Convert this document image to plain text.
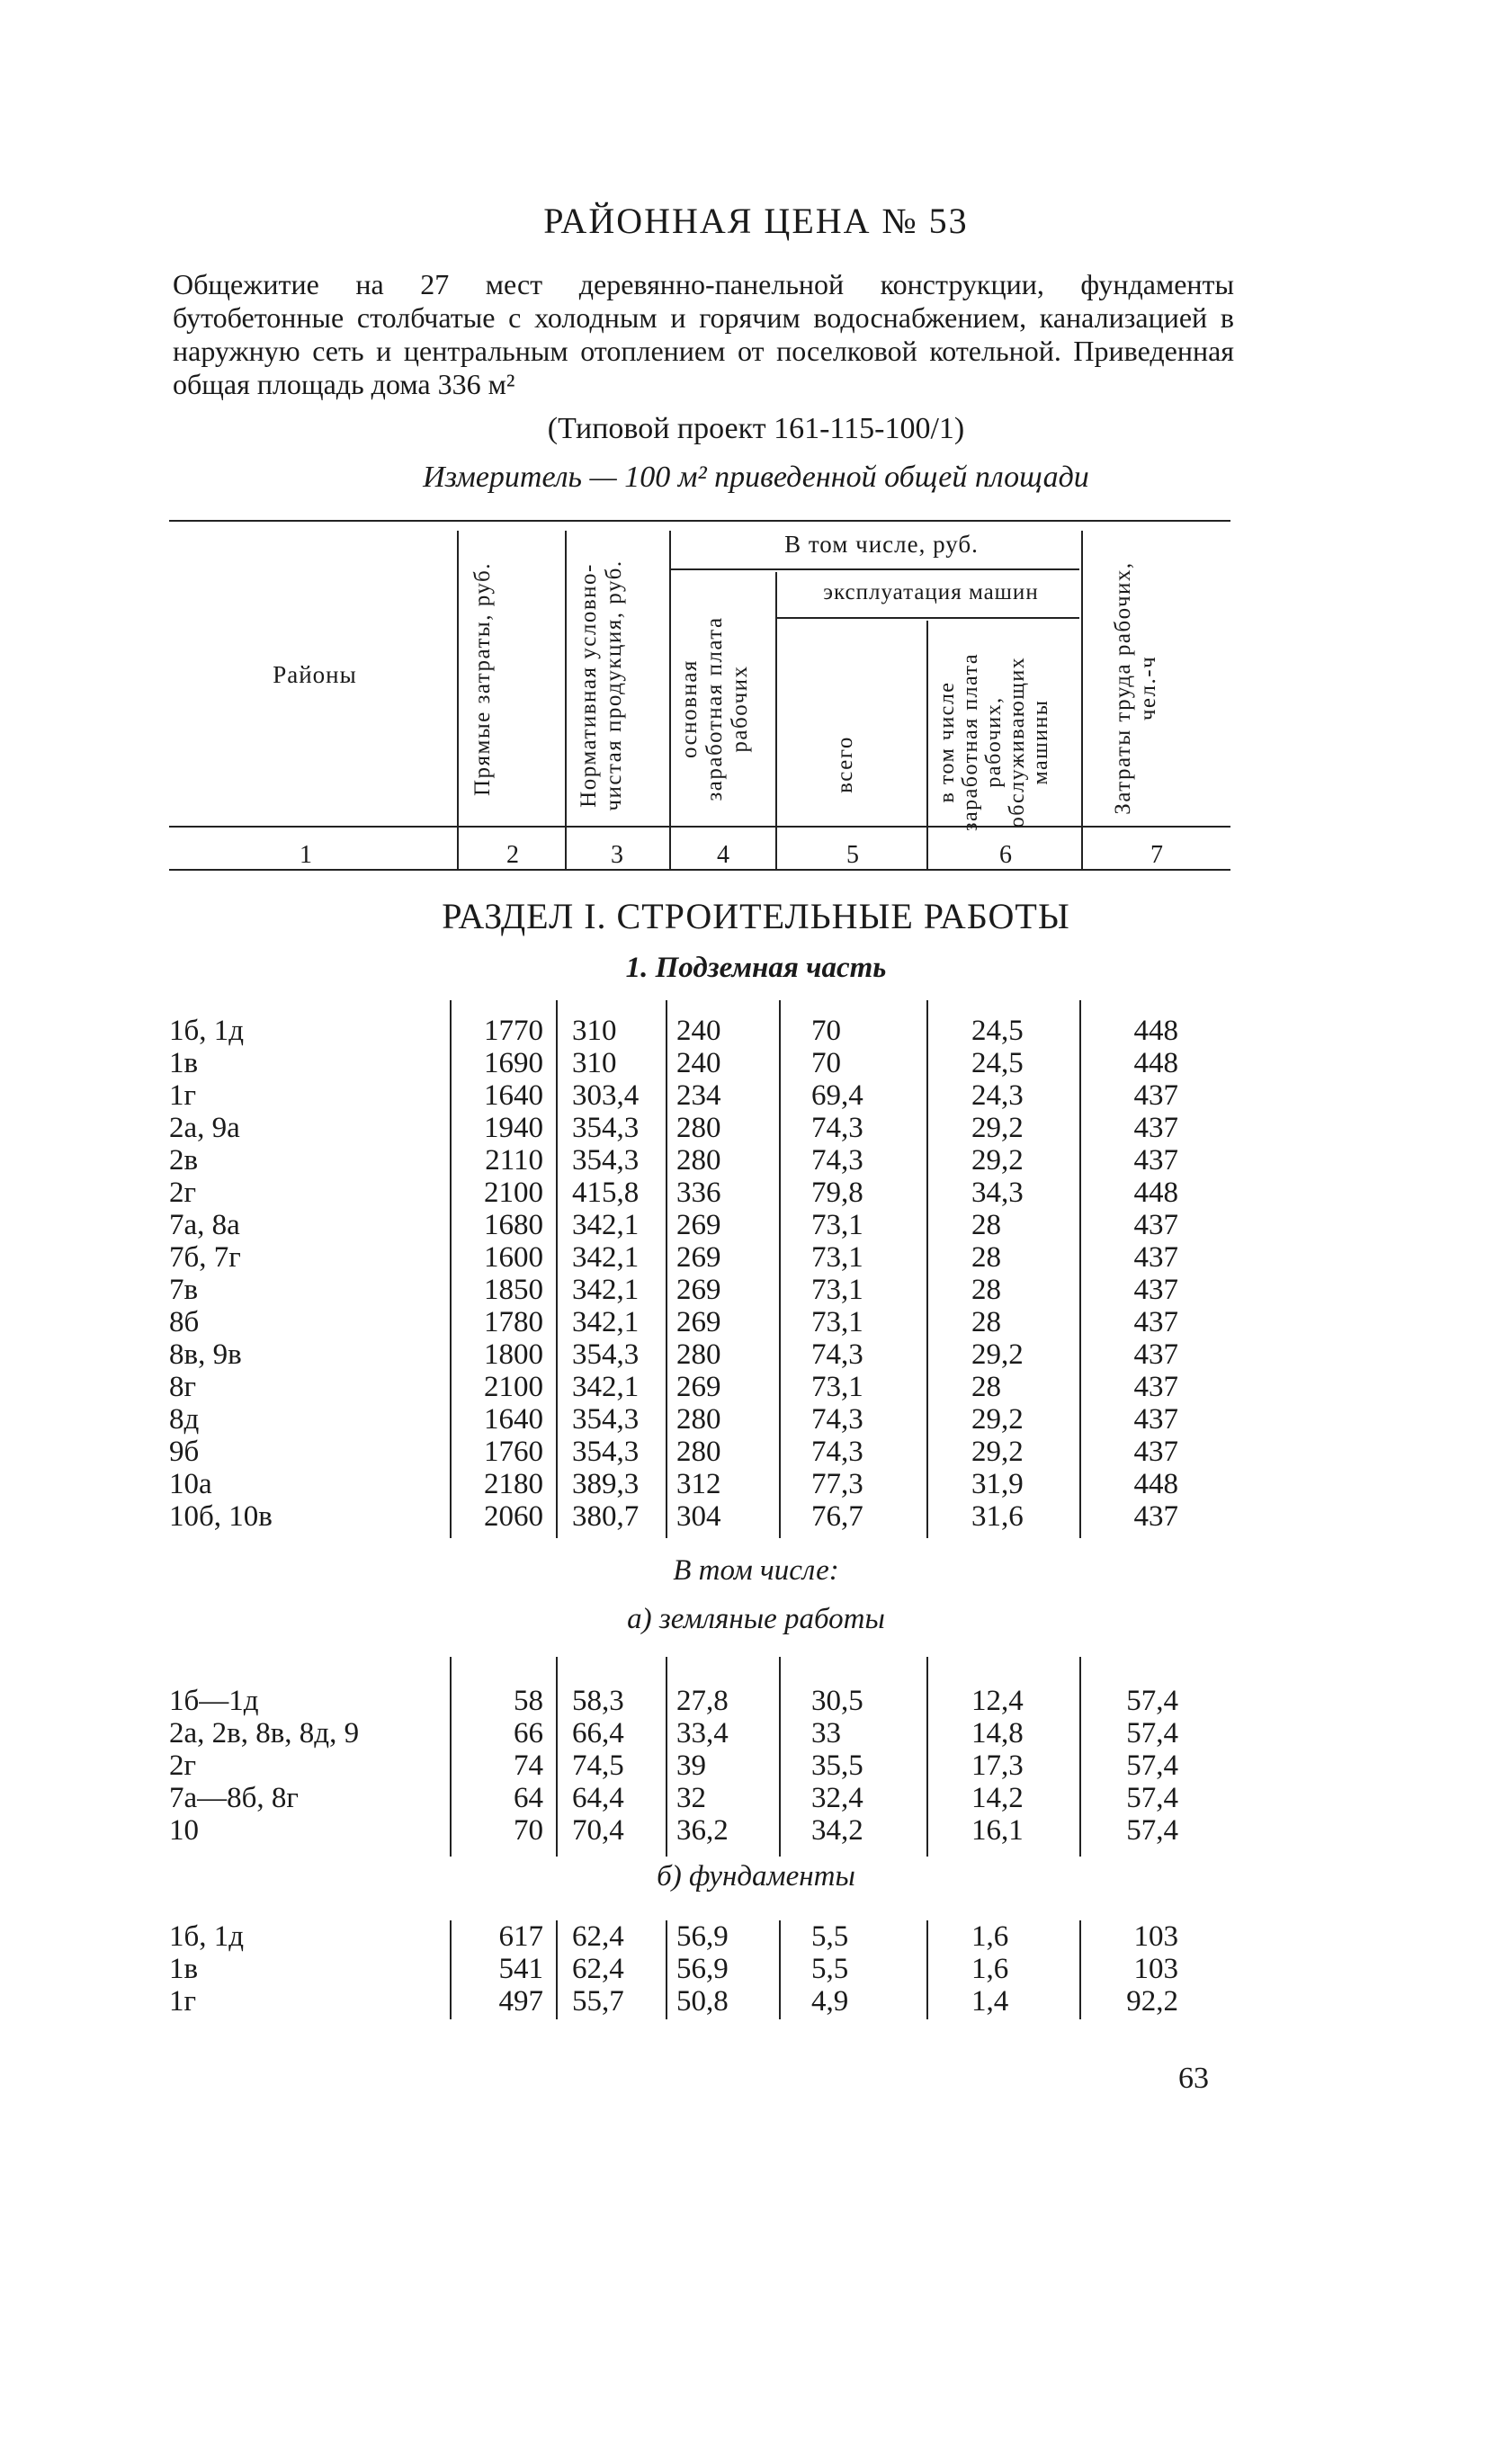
РАЙОННАЯ ЦЕНА № 53
Общежитие на 27 мест деревянно-панельной конструкции, фундаменты бутобетонные столбчатые с холодным и горячим водоснабжением, канализацией в наружную сеть и центральным отоплением от поселковой котельной. Приведенная общая площадь дома 336 м²
(Типовой проект 161-115-100/1)
Измеритель — 100 м² приведенной общей площади
Районы	Прямые затраты, руб.	Нормативная условно-чистая продукция, руб.
В том числе, руб.
основная заработная плата рабочих
эксплуатация машин
всего	в том числе заработная плата рабочих, обслуживающих машины	Затраты труда рабочих, чел.-ч
1	2	3	4	5	6	7
РАЗДЕЛ I. СТРОИТЕЛЬНЫЕ РАБОТЫ
1. Подземная часть
1б, 1д	1770 310	240	70	24,5	448
1в	1690 310	240	70	24,5	448
1г	1640 303,4	234	69,4	24,3	437
2а, 9а	1940 354,3	280	74,3	29,2	437
2в	2110 354,3	280	74,3	29,2	437
2г	2100 415,8	336	79,8	34,3	448
7а, 8а	1680 342,1	269	73,1	28	437
7б, 7г	1600 342,1	269	73,1	28	437
7в	1850 342,1	269	73,1	28	437
8б	1780 342,1	269	73,1	28	437
8в, 9в	1800 354,3	280	74,3	29,2	437
8г	2100 342,1	269	73,1	28	437
8д	1640 354,3	280	74,3	29,2	437
9б	1760 354,3	280	74,3	29,2	437
10а	2180 389,3	312	77,3	31,9	448
10б, 10в	2060 380,7	304	76,7	31,6	437
В том числе:
а) земляные работы
1б—1д	58 58,3	27,8	30,5	12,4	57,4
2а, 2в, 8в, 8д, 9	66 66,4	33,4	33	14,8	57,4
2г	74 74,5	39	35,5	17,3	57,4
7а—8б, 8г	64 64,4	32	32,4	14,2	57,4
10	70 70,4	36,2	34,2	16,1	57,4
б) фундаменты
1б, 1д	617 62,4	56,9	5,5	1,6	103
1в	541 62,4	56,9	5,5	1,6	103
1г	497 55,7	50,8	4,9	1,4	92,2
63
